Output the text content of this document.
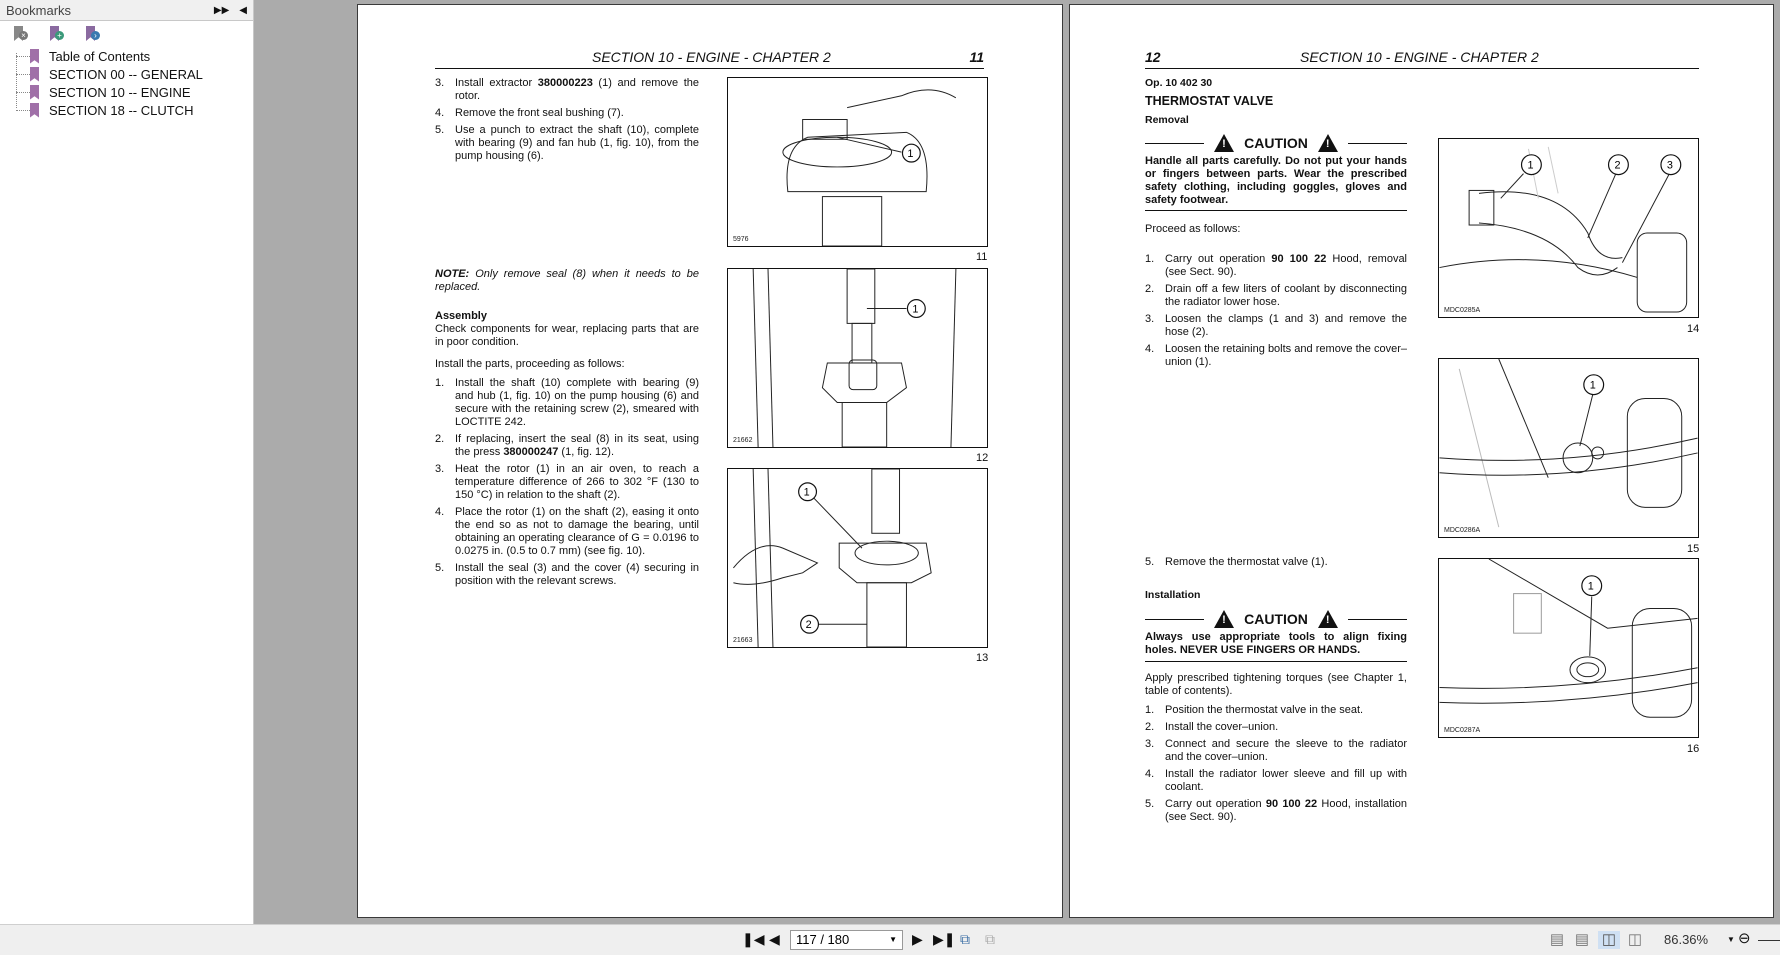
Bookmarks	▶▶ ◀
×	+	›
Table of Contents
SECTION 00 -- GENERAL
SECTION 10 -- ENGINE
SECTION 18 -- CLUTCH
SECTION 10 - ENGINE - CHAPTER 2	11
3. Install extractor 380000223 (1) and remove the rotor.
4. Remove the front seal bushing (7).
5. Use a punch to extract the shaft (10), complete with bearing (9) and fan hub (1, fig. 10), from the pump housing (6).
NOTE: Only remove seal (8) when it needs to be replaced.
Assembly
Check components for wear, replacing parts that are in poor condition.
Install the parts, proceeding as follows:
1. Install the shaft (10) complete with bearing (9) and hub (1, fig. 10) on the pump housing (6) and secure with the retaining screw (2), smeared with LOCTITE 242.
2. If replacing, insert the seal (8) in its seat, using the press 380000247 (1, fig. 12).
3. Heat the rotor (1) in an air oven, to reach a temperature difference of 266 to 302 °F (130 to 150 °C) in relation to the shaft (2).
4. Place the rotor (1) on the shaft (2), easing it onto the end so as not to damage the bearing, until obtaining an operating clearance of G = 0.0196 to 0.0275 in. (0.5 to 0.7 mm) (see fig. 10).
5. Install the seal (3) and the cover (4) securing in position with the relevant screws.
1
5976
11
1
21662
12
1
2
21663
13
12	SECTION 10 - ENGINE - CHAPTER 2
Op. 10 402 30
THERMOSTAT VALVE
Removal
! CAUTION !
Handle all parts carefully. Do not put your hands or fingers between parts. Wear the prescribed safety clothing, including goggles, gloves and safety footwear.
Proceed as follows:
1. Carry out operation 90 100 22 Hood, removal (see Sect. 90).
2. Drain off a few liters of coolant by disconnecting the radiator lower hose.
3. Loosen the clamps (1 and 3) and remove the hose (2).
4. Loosen the retaining bolts and remove the cover–union (1).
5. Remove the thermostat valve (1).
Installation
! CAUTION !
Always use appropriate tools to align fixing holes. NEVER USE FINGERS OR HANDS.
Apply prescribed tightening torques (see Chapter 1, table of contents).
1. Position the thermostat valve in the seat.
2. Install the cover–union.
3. Connect and secure the sleeve to the radiator and the cover–union.
4. Install the radiator lower sleeve and fill up with coolant.
5. Carry out operation 90 100 22 Hood, installation (see Sect. 90).
1	2	3
MDC0285A
14
1
MDC0286A
15
1
MDC0287A
16
❚◀ ◀	117 / 180	▼ ▶ ▶❚ ⧉ ⧉	▤ ▤ ◫ ◫ 86.36% ▼ ⊖
